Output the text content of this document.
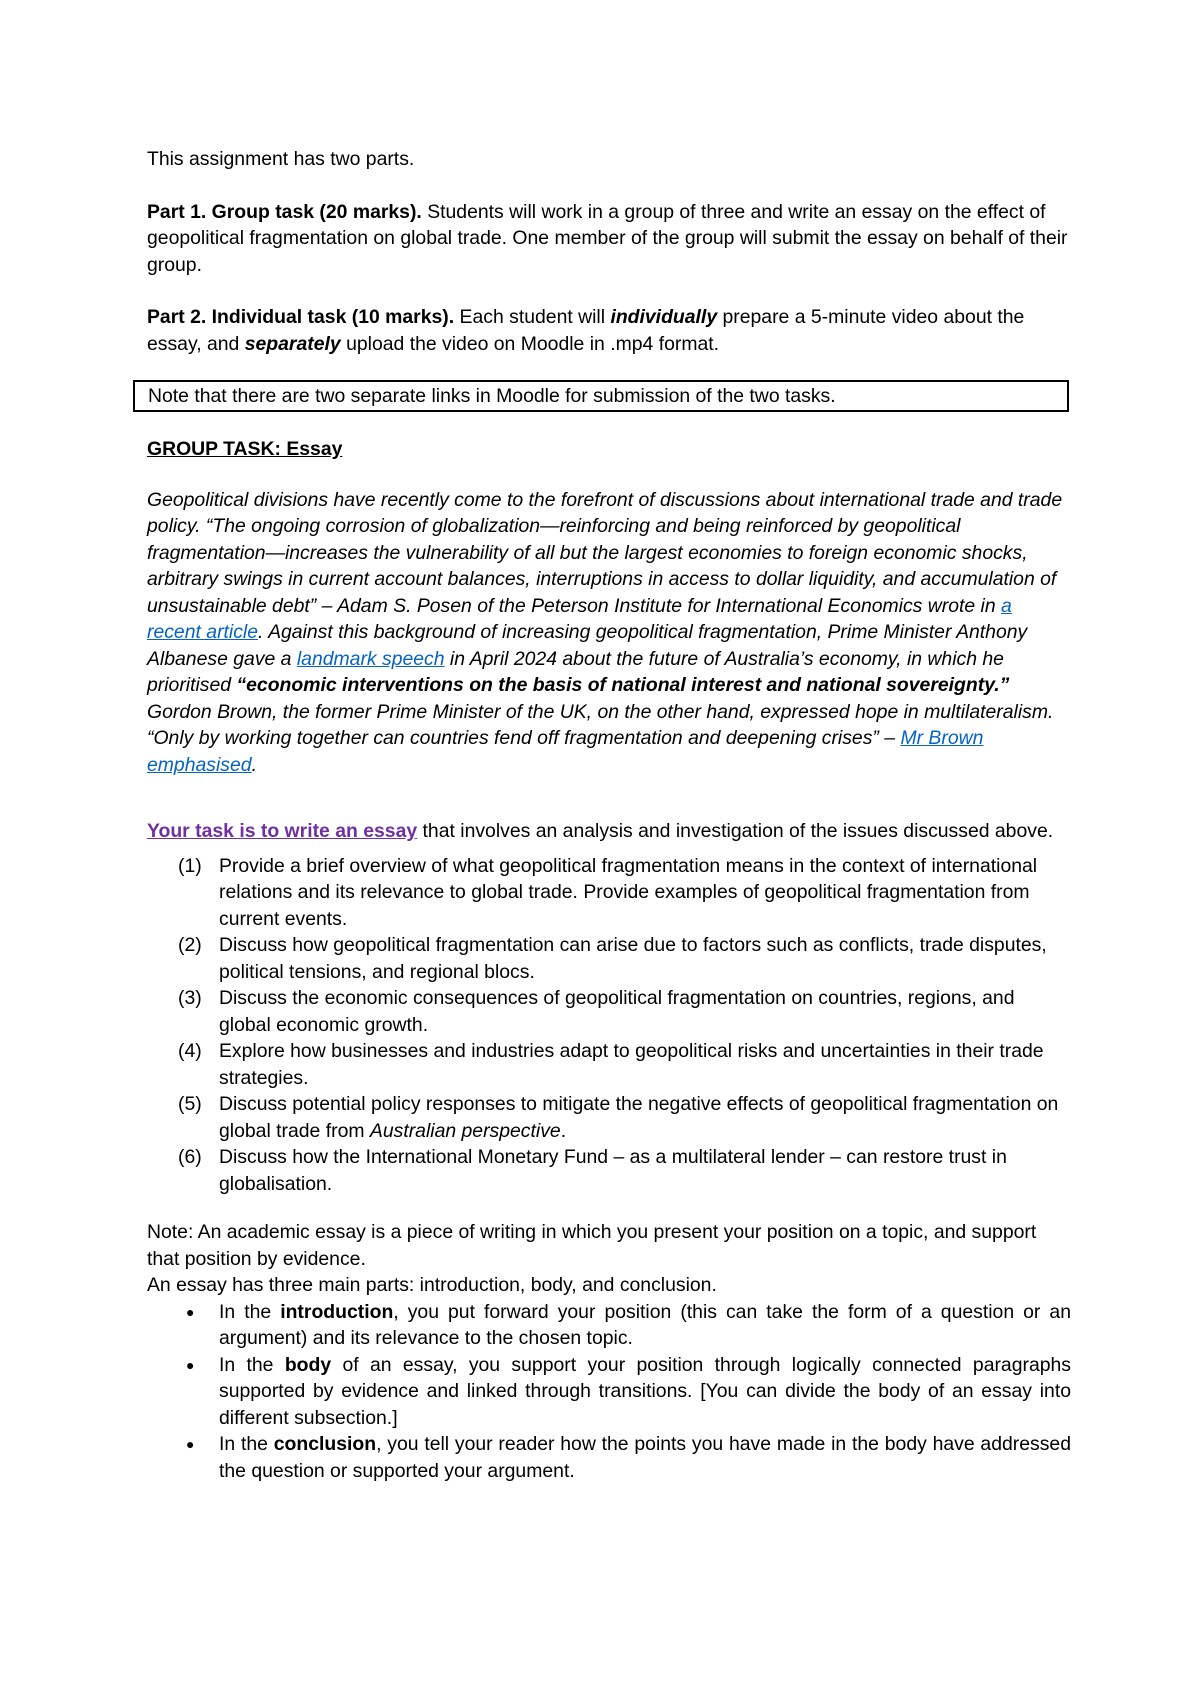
This assignment has two parts.

Part 1. Group task (20 marks). Students will work in a group of three and write an essay on the effect of geopolitical fragmentation on global trade. One member of the group will submit the essay on behalf of their group.

Part 2. Individual task (10 marks). Each student will individually prepare a 5-minute video about the essay, and separately upload the video on Moodle in .mp4 format.

Note that there are two separate links in Moodle for submission of the two tasks.

GROUP TASK: Essay

Geopolitical divisions have recently come to the forefront of discussions about international trade and trade policy. “The ongoing corrosion of globalization—reinforcing and being reinforced by geopolitical fragmentation—increases the vulnerability of all but the largest economies to foreign economic shocks, arbitrary swings in current account balances, interruptions in access to dollar liquidity, and accumulation of unsustainable debt” – Adam S. Posen of the Peterson Institute for International Economics wrote in a recent article. Against this background of increasing geopolitical fragmentation, Prime Minister Anthony Albanese gave a landmark speech in April 2024 about the future of Australia’s economy, in which he prioritised “economic interventions on the basis of national interest and national sovereignty.” Gordon Brown, the former Prime Minister of the UK, on the other hand, expressed hope in multilateralism. “Only by working together can countries fend off fragmentation and deepening crises” – Mr Brown emphasised.

Your task is to write an essay that involves an analysis and investigation of the issues discussed above.

(1) Provide a brief overview of what geopolitical fragmentation means in the context of international relations and its relevance to global trade. Provide examples of geopolitical fragmentation from current events.
(2) Discuss how geopolitical fragmentation can arise due to factors such as conflicts, trade disputes, political tensions, and regional blocs.
(3) Discuss the economic consequences of geopolitical fragmentation on countries, regions, and global economic growth.
(4) Explore how businesses and industries adapt to geopolitical risks and uncertainties in their trade strategies.
(5) Discuss potential policy responses to mitigate the negative effects of geopolitical fragmentation on global trade from Australian perspective.
(6) Discuss how the International Monetary Fund – as a multilateral lender – can restore trust in globalisation.

Note: An academic essay is a piece of writing in which you present your position on a topic, and support that position by evidence.

An essay has three main parts: introduction, body, and conclusion.

● In the introduction, you put forward your position (this can take the form of a question or an argument) and its relevance to the chosen topic.
● In the body of an essay, you support your position through logically connected paragraphs supported by evidence and linked through transitions. [You can divide the body of an essay into different subsection.]
● In the conclusion, you tell your reader how the points you have made in the body have addressed the question or supported your argument.
